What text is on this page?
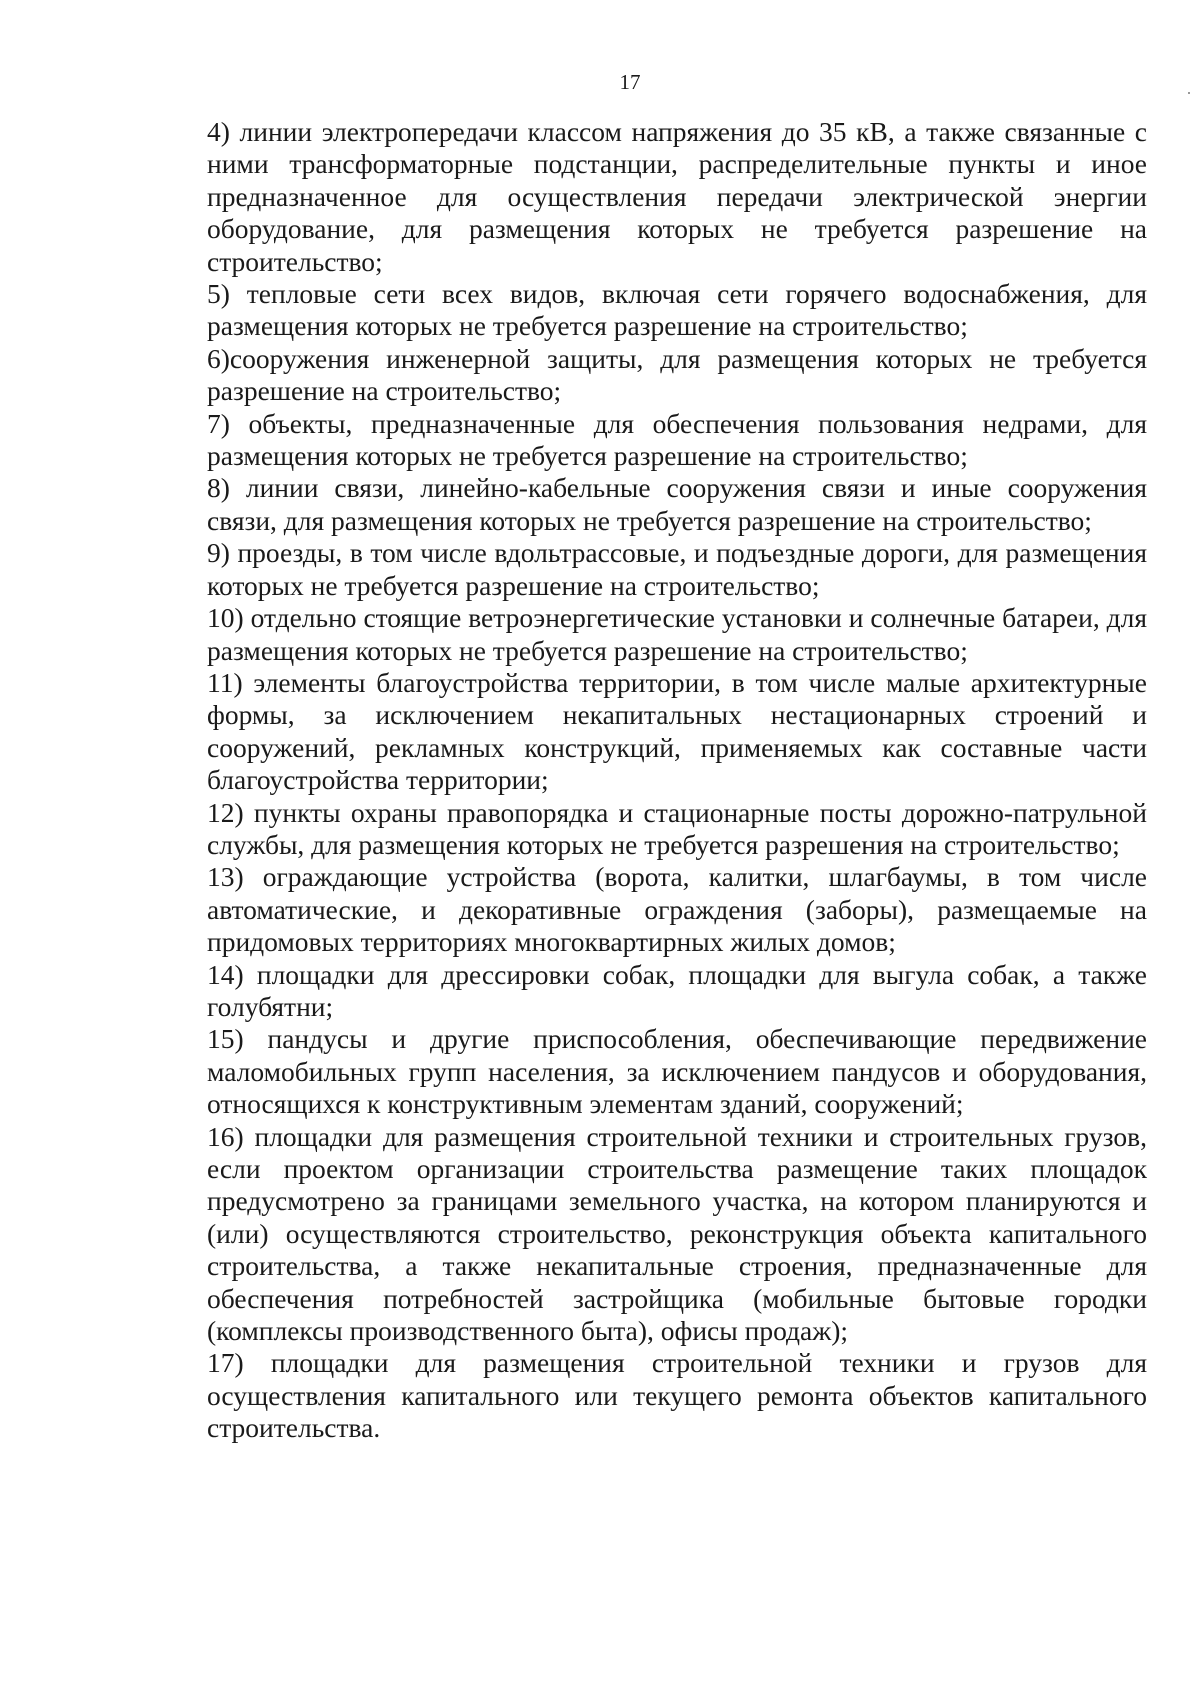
17

4) линии электропередачи классом напряжения до 35 кВ, а также связанные с ними трансформаторные подстанции, распределительные пункты и иное предназначенное для осуществления передачи электрической энергии оборудование, для размещения которых не требуется разрешение на строительство;

5) тепловые сети всех видов, включая сети горячего водоснабжения, для размещения которых не требуется разрешение на строительство;

6)сооружения инженерной защиты, для размещения которых не требуется разрешение на строительство;

7) объекты, предназначенные для обеспечения пользования недрами, для размещения которых не требуется разрешение на строительство;

8) линии связи, линейно-кабельные сооружения связи и иные сооружения связи, для размещения которых не требуется разрешение на строительство;

9) проезды, в том числе вдольтрассовые, и подъездные дороги, для размещения которых не требуется разрешение на строительство;

10) отдельно стоящие ветроэнергетические установки и солнечные батареи, для размещения которых не требуется разрешение на строительство;

11) элементы благоустройства территории, в том числе малые архитектурные формы, за исключением некапитальных нестационарных строений и сооружений, рекламных конструкций, применяемых как составные части благоустройства территории;

12) пункты охраны правопорядка и стационарные посты дорожно-патрульной службы, для размещения которых не требуется разрешения на строительство;

13) ограждающие устройства (ворота, калитки, шлагбаумы, в том числе автоматические, и декоративные ограждения (заборы), размещаемые на придомовых территориях многоквартирных жилых домов;

14) площадки для дрессировки собак, площадки для выгула собак, а также голубятни;

15) пандусы и другие приспособления, обеспечивающие передвижение маломобильных групп населения, за исключением пандусов и оборудования, относящихся к конструктивным элементам зданий, сооружений;

16) площадки для размещения строительной техники и строительных грузов, если проектом организации строительства размещение таких площадок предусмотрено за границами земельного участка, на котором планируются и (или) осуществляются строительство, реконструкция объекта капитального строительства, а также некапитальные строения, предназначенные для обеспечения потребностей застройщика (мобильные бытовые городки (комплексы производственного быта), офисы продаж);

17) площадки для размещения строительной техники и грузов для осуществления капитального или текущего ремонта объектов капитального строительства.
